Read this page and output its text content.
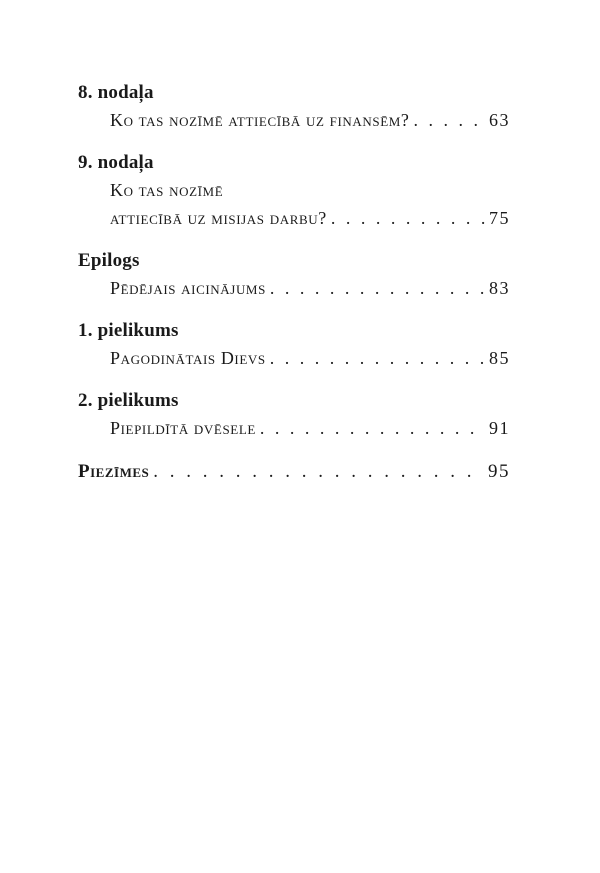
8. nodaļa
Ko tas nozīmē attiecībā uz finansēm? . . .	63
9. nodaļa
Ko tas nozīmē
attiecībā uz misijas darbu? . . .	75
Epilogs
Pēdējais aicinājums . . .	83
1. pielikums
Pagodinātais Dievs . . .	85
2. pielikums
Piepildītā dvēsele . . .	91
Piezīmes . . .	95
